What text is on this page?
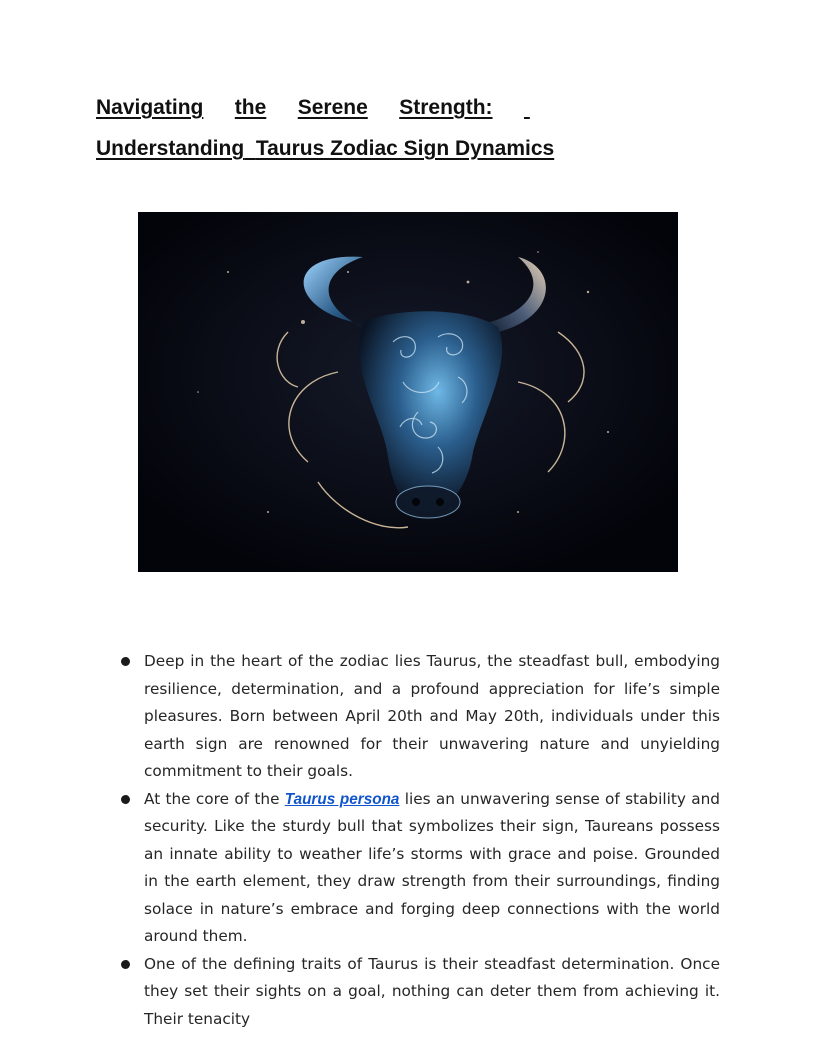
Navigating the Serene Strength:

Understanding Taurus Zodiac Sign Dynamics
Deep in the heart of the zodiac lies Taurus, the steadfast bull, embodying resilience, determination, and a profound appreciation for life’s simple pleasures. Born between April 20th and May 20th, individuals under this earth sign are renowned for their unwavering nature and unyielding commitment to their goals.
At the core of the Taurus persona lies an unwavering sense of stability and security. Like the sturdy bull that symbolizes their sign, Taureans possess an innate ability to weather life’s storms with grace and poise. Grounded in the earth element, they draw strength from their surroundings, finding solace in nature’s embrace and forging deep connections with the world around them.
One of the defining traits of Taurus is their steadfast determination. Once they set their sights on a goal, nothing can deter them from achieving it. Their tenacity
